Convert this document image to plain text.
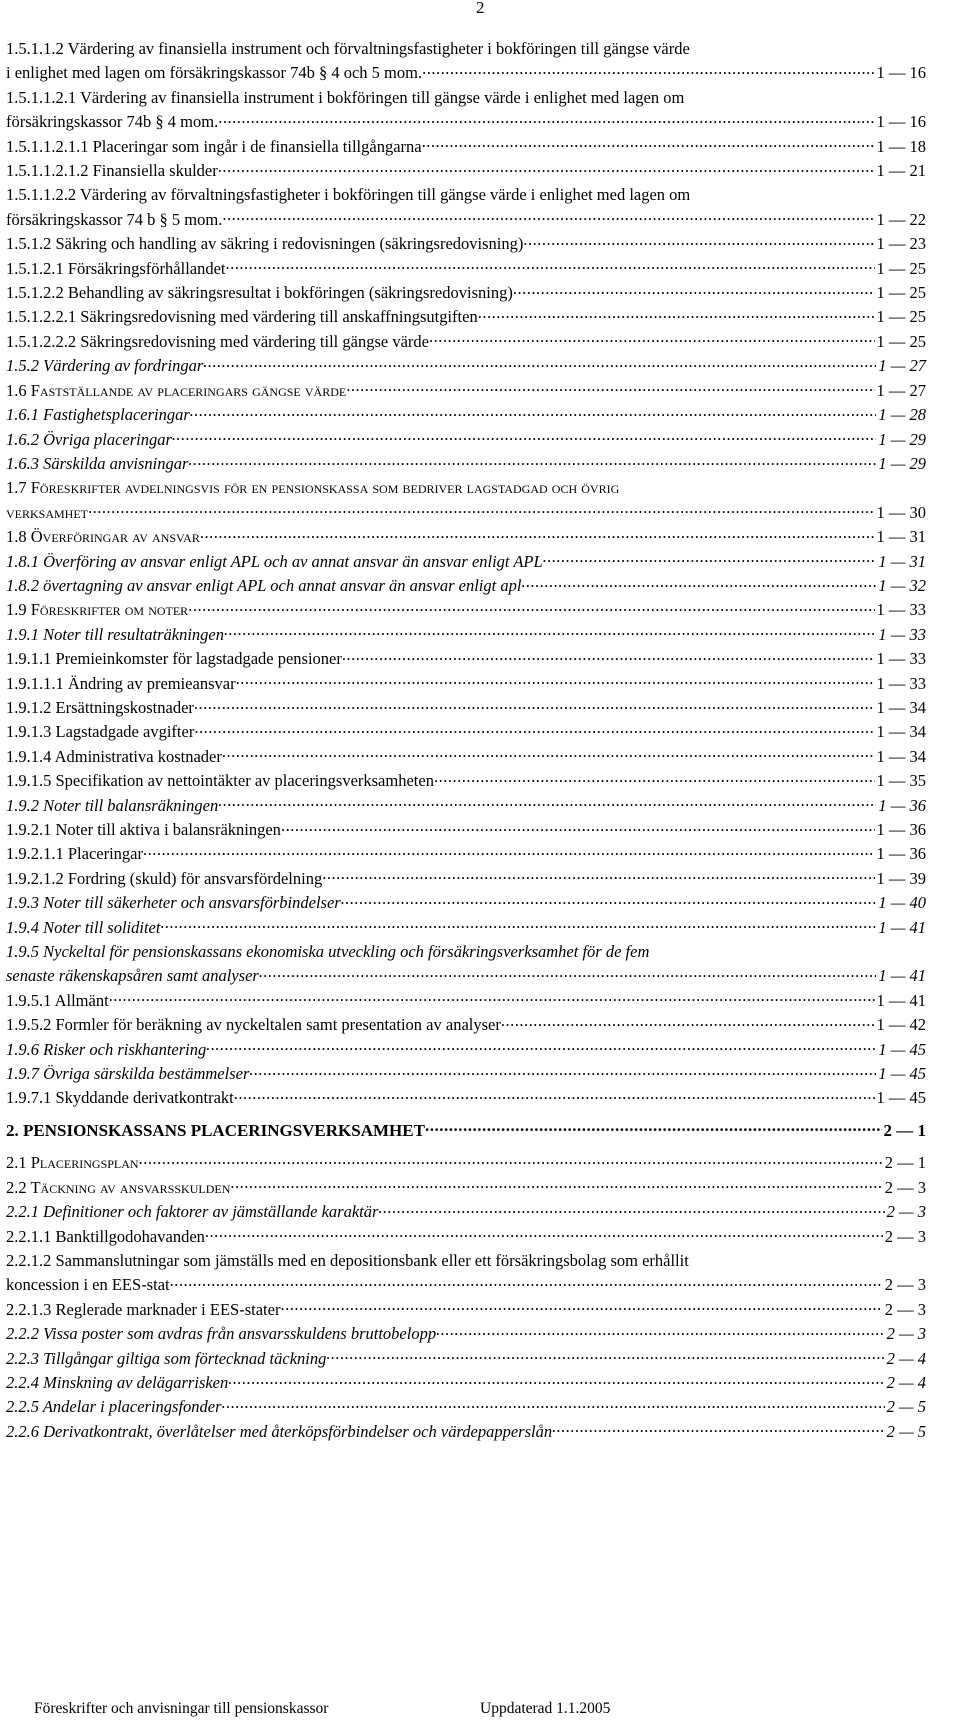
2
1.5.1.1.2 Värdering av finansiella instrument och förvaltningsfastigheter i bokföringen till gängse värde
i enlighet med lagen om försäkringskassor 74b § 4 och 5 mom. .....	1 — 16
1.5.1.1.2.1 Värdering av finansiella instrument i bokföringen till gängse värde i enlighet med lagen om
försäkringskassor 74b § 4 mom. .....	1 — 16
1.5.1.1.2.1.1 Placeringar som ingår i de finansiella tillgångarna .....	1 — 18
1.5.1.1.2.1.2 Finansiella skulder .....	1 — 21
1.5.1.1.2.2 Värdering av förvaltningsfastigheter i bokföringen till gängse värde i enlighet med lagen om
försäkringskassor 74 b § 5 mom. .....	1 — 22
1.5.1.2 Säkring och handling av säkring i redovisningen (säkringsredovisning) .....	1 — 23
1.5.1.2.1 Försäkringsförhållandet .....	1 — 25
1.5.1.2.2 Behandling av säkringsresultat i bokföringen (säkringsredovisning) .....	1 — 25
1.5.1.2.2.1 Säkringsredovisning med värdering till anskaffningsutgiften .....	1 — 25
1.5.1.2.2.2 Säkringsredovisning med värdering till gängse värde .....	1 — 25
1.5.2 Värdering av fordringar .....	1 — 27
1.6 Fastställande av placeringars gängse värde .....	1 — 27
1.6.1 Fastighetsplaceringar .....	1 — 28
1.6.2 Övriga placeringar .....	1 — 29
1.6.3 Särskilda anvisningar .....	1 — 29
1.7 Föreskrifter avdelningsvis för en pensionskassa som bedriver lagstadgad och övrig
verksamhet .....	1 — 30
1.8 Överföringar av ansvar .....	1 — 31
1.8.1 Överföring av ansvar enligt APL och av annat ansvar än ansvar enligt APL .....	1 — 31
1.8.2 övertagning av ansvar enligt APL och annat ansvar än ansvar enligt apl .....	1 — 32
1.9 Föreskrifter om noter .....	1 — 33
1.9.1 Noter till resultaträkningen .....	1 — 33
1.9.1.1 Premieinkomster för lagstadgade pensioner .....	1 — 33
1.9.1.1.1 Ändring av premieansvar .....	1 — 33
1.9.1.2 Ersättningskostnader .....	1 — 34
1.9.1.3 Lagstadgade avgifter .....	1 — 34
1.9.1.4 Administrativa kostnader .....	1 — 34
1.9.1.5 Specifikation av nettointäkter av placeringsverksamheten .....	1 — 35
1.9.2 Noter till balansräkningen .....	1 — 36
1.9.2.1 Noter till aktiva i balansräkningen .....	1 — 36
1.9.2.1.1 Placeringar .....	1 — 36
1.9.2.1.2 Fordring (skuld) för ansvarsfördelning .....	1 — 39
1.9.3 Noter till säkerheter och ansvarsförbindelser .....	1 — 40
1.9.4 Noter till soliditet .....	1 — 41
1.9.5 Nyckeltal för pensionskassans ekonomiska utveckling och försäkringsverksamhet för de fem
senaste räkenskapsåren samt analyser .....	1 — 41
1.9.5.1 Allmänt .....	1 — 41
1.9.5.2 Formler för beräkning av nyckeltalen samt presentation av analyser .....	1 — 42
1.9.6 Risker och riskhantering .....	1 — 45
1.9.7 Övriga särskilda bestämmelser .....	1 — 45
1.9.7.1 Skyddande derivatkontrakt .....	1 — 45
2. PENSIONSKASSANS PLACERINGSVERKSAMHET .....	2 — 1
2.1 Placeringsplan .....	2 — 1
2.2 Täckning av ansvarsskulden .....	2 — 3
2.2.1 Definitioner och faktorer av jämställande karaktär .....	2 — 3
2.2.1.1 Banktillgodohavanden .....	2 — 3
2.2.1.2 Sammanslutningar som jämställs med en depositionsbank eller ett försäkringsbolag som erhållit
koncession i en EES-stat .....	2 — 3
2.2.1.3 Reglerade marknader i EES-stater .....	2 — 3
2.2.2 Vissa poster som avdras från ansvarsskuldens bruttobelopp .....	2 — 3
2.2.3 Tillgångar giltiga som förtecknad täckning .....	2 — 4
2.2.4 Minskning av delägarrisken .....	2 — 4
2.2.5 Andelar i placeringsfonder .....	2 — 5
2.2.6 Derivatkontrakt, överlåtelser med återköpsförbindelser och värdepapperslån .....	2 — 5
Föreskrifter och anvisningar till pensionskassor	Uppdaterad 1.1.2005
